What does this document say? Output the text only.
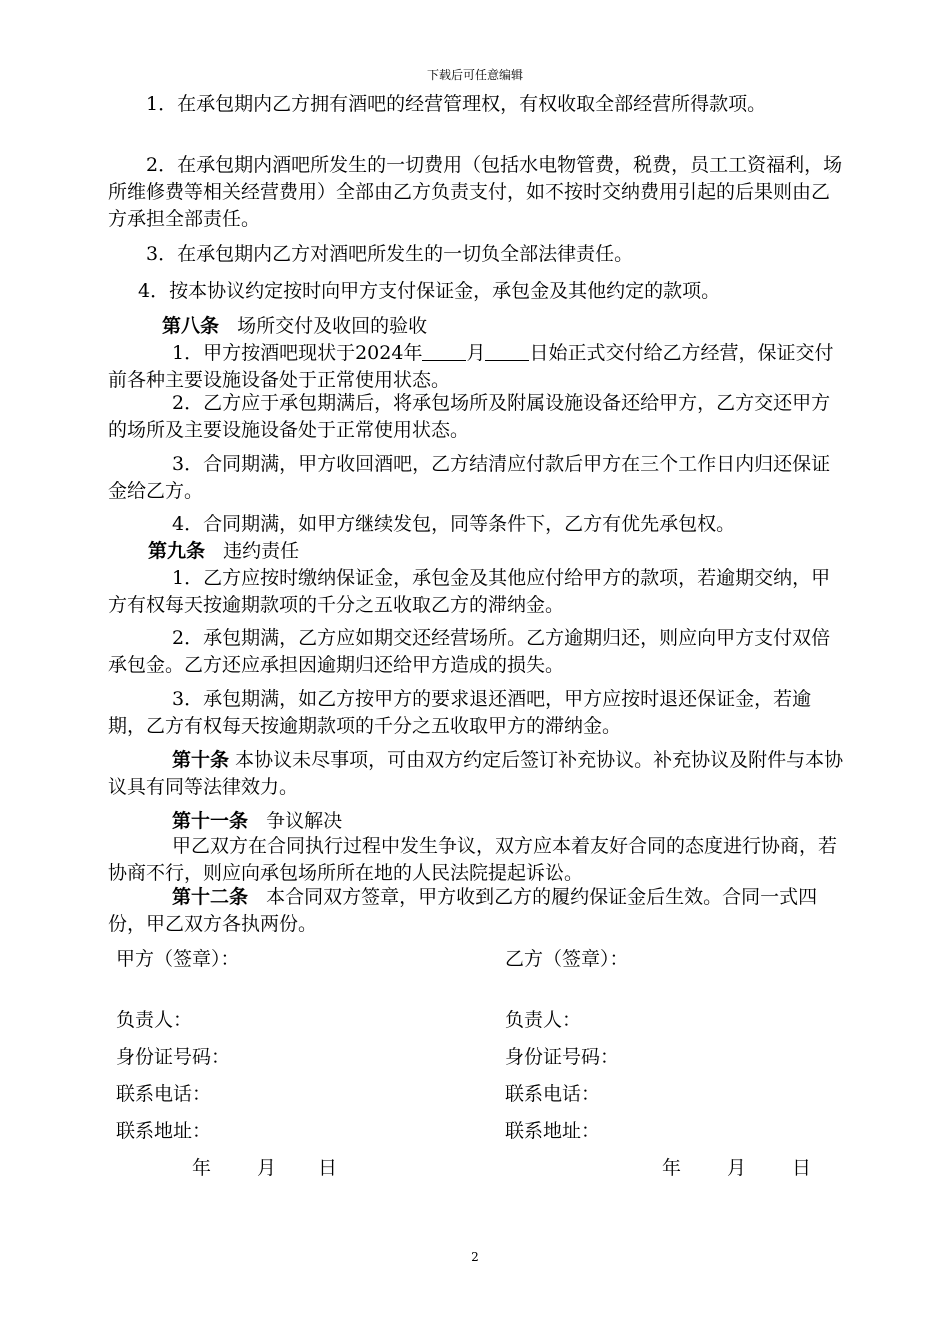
下载后可任意编辑

1．在承包期内乙方拥有酒吧的经营管理权，有权收取全部经营所得款项。

2．在承包期内酒吧所发生的一切费用（包括水电物管费，税费，员工工资福利，场所维修费等相关经营费用）全部由乙方负责支付，如不按时交纳费用引起的后果则由乙方承担全部责任。

3．在承包期内乙方对酒吧所发生的一切负全部法律责任。

4．按本协议约定按时向甲方支付保证金，承包金及其他约定的款项。

第八条 场所交付及收回的验收

1．甲方按酒吧现状于2024年 月 日始正式交付给乙方经营，保证交付前各种主要设施设备处于正常使用状态。

2．乙方应于承包期满后，将承包场所及附属设施设备还给甲方，乙方交还甲方的场所及主要设施设备处于正常使用状态。

3．合同期满，甲方收回酒吧，乙方结清应付款后甲方在三个工作日内归还保证金给乙方。

4．合同期满，如甲方继续发包，同等条件下，乙方有优先承包权。

第九条 违约责任

1．乙方应按时缴纳保证金，承包金及其他应付给甲方的款项，若逾期交纳，甲方有权每天按逾期款项的千分之五收取乙方的滞纳金。

2．承包期满，乙方应如期交还经营场所。乙方逾期归还，则应向甲方支付双倍承包金。乙方还应承担因逾期归还给甲方造成的损失。

3．承包期满，如乙方按甲方的要求退还酒吧，甲方应按时退还保证金，若逾期，乙方有权每天按逾期款项的千分之五收取甲方的滞纳金。

第十条 本协议未尽事项，可由双方约定后签订补充协议。补充协议及附件与本协议具有同等法律效力。

第十一条 争议解决

甲乙双方在合同执行过程中发生争议，双方应本着友好合同的态度进行协商，若协商不行，则应向承包场所所在地的人民法院提起诉讼。

第十二条 本合同双方签章，甲方收到乙方的履约保证金后生效。合同一式四份，甲乙双方各执两份。

甲方（签章）：	乙方（签章）：
负责人：	负责人：
身份证号码：	身份证号码：
联系电话：	联系电话：
联系地址：	联系地址：
年 月 日	年 月 日
2
